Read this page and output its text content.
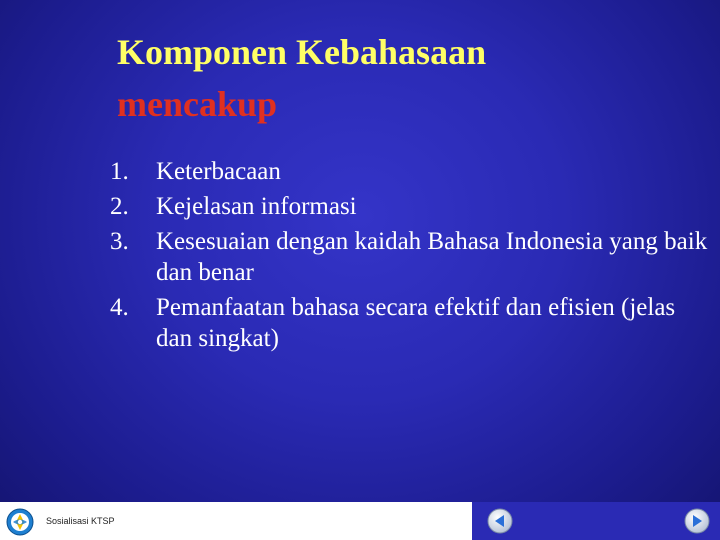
Komponen Kebahasaan
mencakup
1.	Keterbacaan
2.	Kejelasan informasi
3.	Kesesuaian dengan kaidah Bahasa Indonesia yang baik dan benar
4.	Pemanfaatan bahasa secara efektif dan efisien (jelas dan singkat)
Sosialisasi KTSP
